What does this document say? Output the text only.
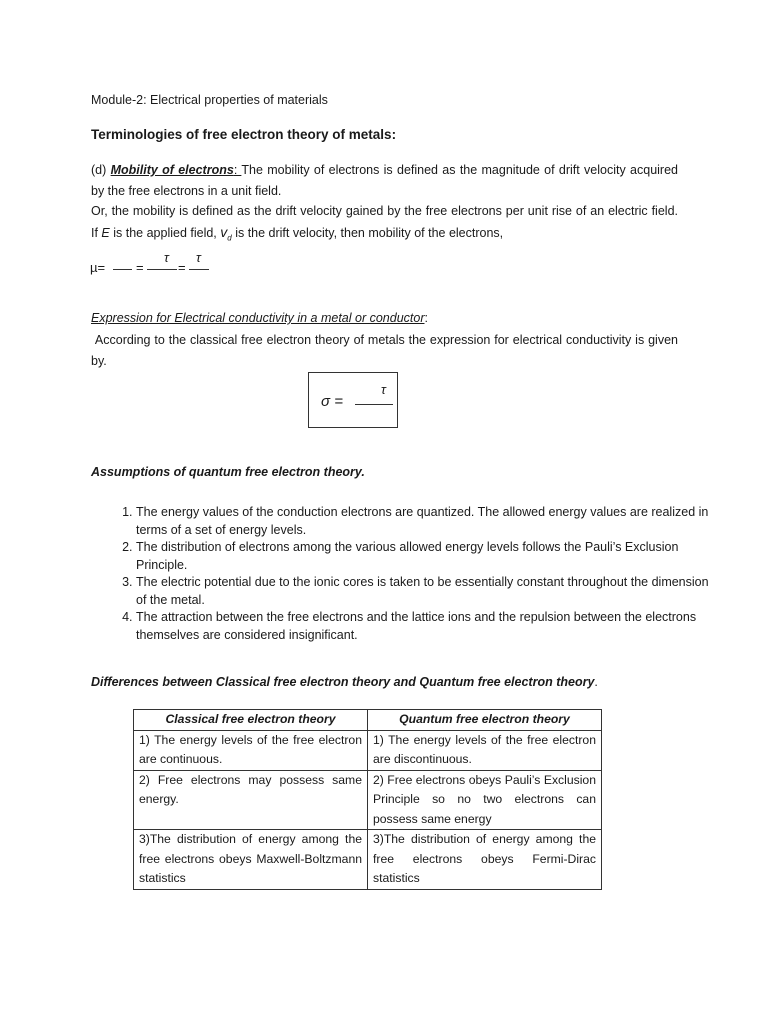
Module-2: Electrical properties of materials
Terminologies of free electron theory of metals:
(d) Mobility of electrons: The mobility of electrons is defined as the magnitude of drift velocity acquired by the free electrons in a unit field.
Or, the mobility is defined as the drift velocity gained by the free electrons per unit rise of an electric field. If E is the applied field, $v_d$ is the drift velocity, then mobility of the electrons,
µ= =
τ
=
τ
Expression for Electrical conductivity in a metal or conductor:
According to the classical free electron theory of metals the expression for electrical conductivity is given by.
σ =
τ
Assumptions of quantum free electron theory.
1. The energy values of the conduction electrons are quantized. The allowed energy values are realized in terms of a set of energy levels.
2. The distribution of electrons among the various allowed energy levels follows the Pauli’s Exclusion Principle.
3. The electric potential due to the ionic cores is taken to be essentially constant throughout the dimension of the metal.
4. The attraction between the free electrons and the lattice ions and the repulsion between the electrons themselves are considered insignificant.
Differences between Classical free electron theory and Quantum free electron theory.
Classical free electron theory	Quantum free electron theory
1) The energy levels of the free electron are continuous.	1) The energy levels of the free electron are discontinuous.
2) Free electrons may possess same energy.	2) Free electrons obeys Pauli’s Exclusion Principle so no two electrons can possess same energy
3)The distribution of energy among the free electrons obeys Maxwell-Boltzmann statistics	3)The distribution of energy among the free electrons obeys Fermi-Dirac statistics
